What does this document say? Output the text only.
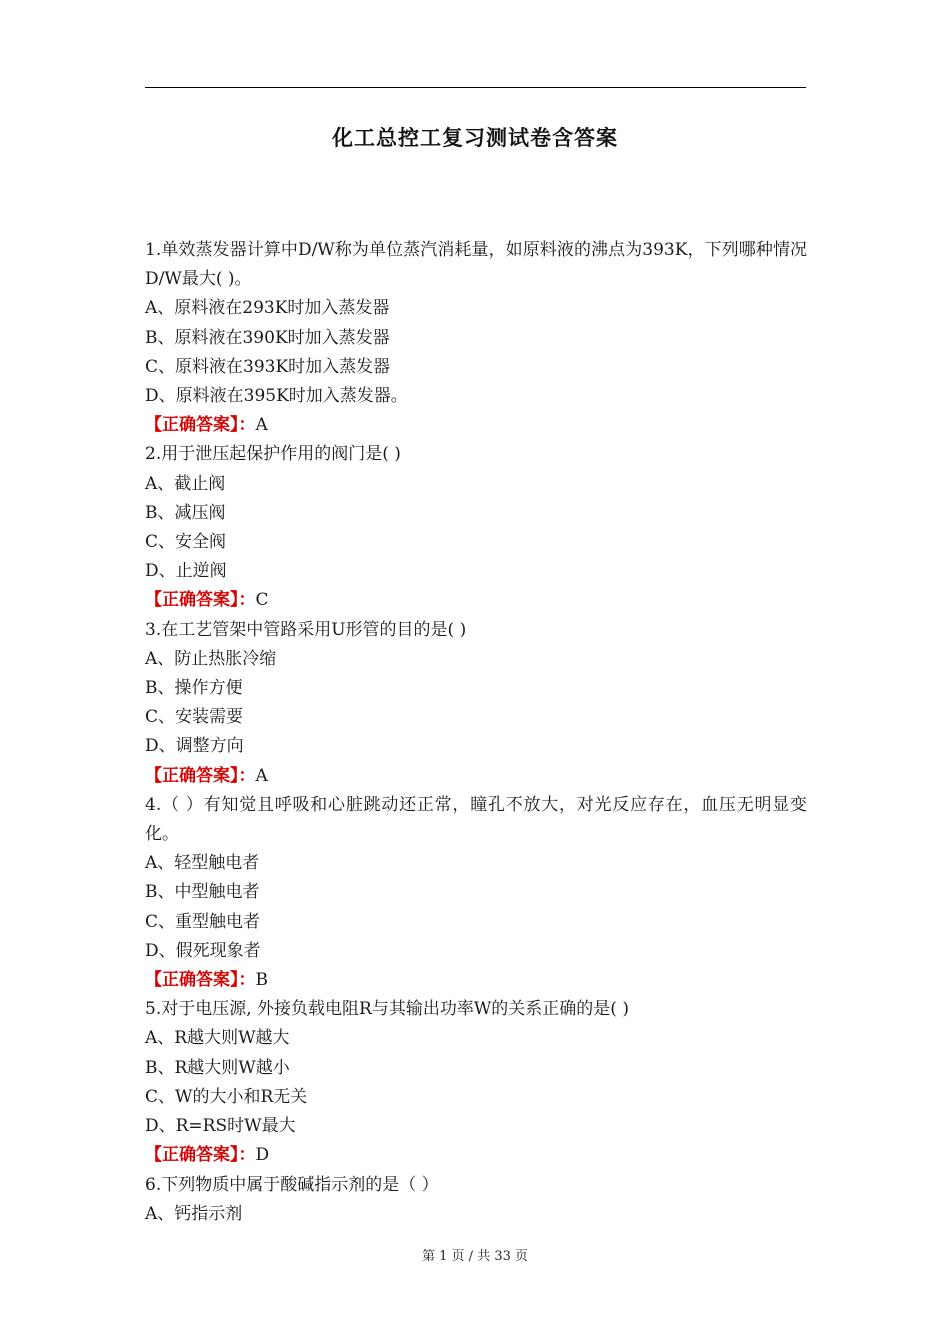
化工总控工复习测试卷含答案

1.单效蒸发器计算中D/W称为单位蒸汽消耗量，如原料液的沸点为393K，下列哪种情况D/W最大( )。

A、原料液在293K时加入蒸发器

B、原料液在390K时加入蒸发器

C、原料液在393K时加入蒸发器

D、原料液在395K时加入蒸发器。

【正确答案】：A

2.用于泄压起保护作用的阀门是( )

A、截止阀

B、减压阀

C、安全阀

D、止逆阀

【正确答案】：C

3.在工艺管架中管路采用U形管的目的是( )

A、防止热胀冷缩

B、操作方便

C、安装需要

D、调整方向

【正确答案】：A

4.（ ）有知觉且呼吸和心脏跳动还正常，瞳孔不放大，对光反应存在，血压无明显变化。

A、轻型触电者

B、中型触电者

C、重型触电者

D、假死现象者

【正确答案】：B

5.对于电压源, 外接负载电阻R与其输出功率W的关系正确的是( )

A、R越大则W越大

B、R越大则W越小

C、W的大小和R无关

D、R=RS时W最大

【正确答案】：D

6.下列物质中属于酸碱指示剂的是（ ）

A、钙指示剂

第 1 页 / 共 33 页
